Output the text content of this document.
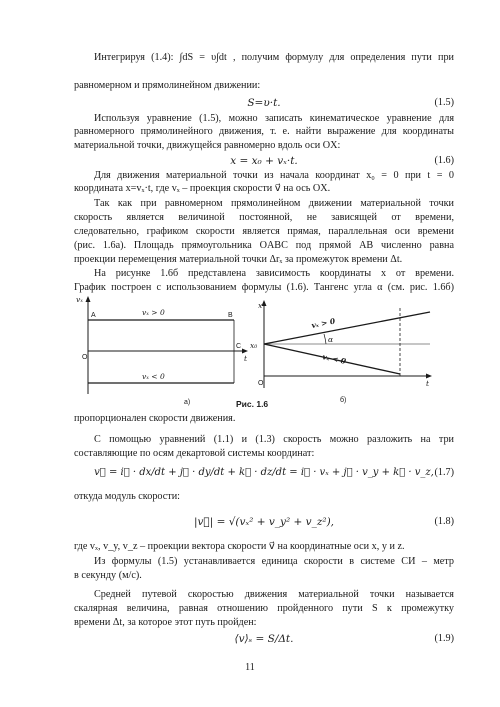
Интегрируя (1.4): ∫dS = υ∫dt , получим формулу для определения пути при
равномерном и прямолинейном движении:
S=υ·t.	(1.5)
Используя уравнение (1.5), можно записать кинематическое уравнение для
равномерного прямолинейного движения, т. е. найти выражение для координаты
материальной точки, движущейся равномерно вдоль оси OX:
x = x₀ + vₓ·t.	(1.6)
Для движения материальной точки из начала координат x₀ = 0 при t = 0
координата x=vₓ·t, где vₓ – проекция скорости v⃗ на ось OX.
Так как при равномерном прямолинейном движении материальной точки
скорость является величиной постоянной, не зависящей от времени,
следовательно, графиком скорости является прямая, параллельная оси времени
(рис. 1.6а). Площадь прямоугольника OABC под прямой AB численно равна
проекции перемещения материальной точки Δrₓ за промежуток времени Δt.
На рисунке 1.6б представлена зависимость координаты x от времени.
График построен с использованием формулы (1.6). Тангенс угла α (см. рис. 1.6б)
vₓ
A	B
C
O	t
vₓ > 0
vₓ < 0
а)	Рис. 1.6
x
x₀
O	t
α
vₓ > 0
vₓ < 0
б)
пропорционален скорости движения.
С помощью уравнений (1.1) и (1.3) скорость можно разложить на три
составляющие по осям декартовой системы координат:
v⃗ = i⃗ · dx/dt + j⃗ · dy/dt + k⃗ · dz/dt = i⃗ · vₓ + j⃗ · v_y + k⃗ · v_z, (1.7)
откуда модуль скорости:
|v⃗| = √(vₓ² + v_y² + v_z²),	(1.8)
где vₓ, v_y, v_z – проекции вектора скорости v⃗ на координатные оси x, y и z.
Из формулы (1.5) устанавливается единица скорости в системе СИ – метр
в секунду (м/с).
Средней путевой скоростью движения материальной точки называется
скалярная величина, равная отношению пройденного пути S к промежутку
времени Δt, за которое этот путь пройден:
⟨v⟩ₛ = S/Δt.	(1.9)
11
